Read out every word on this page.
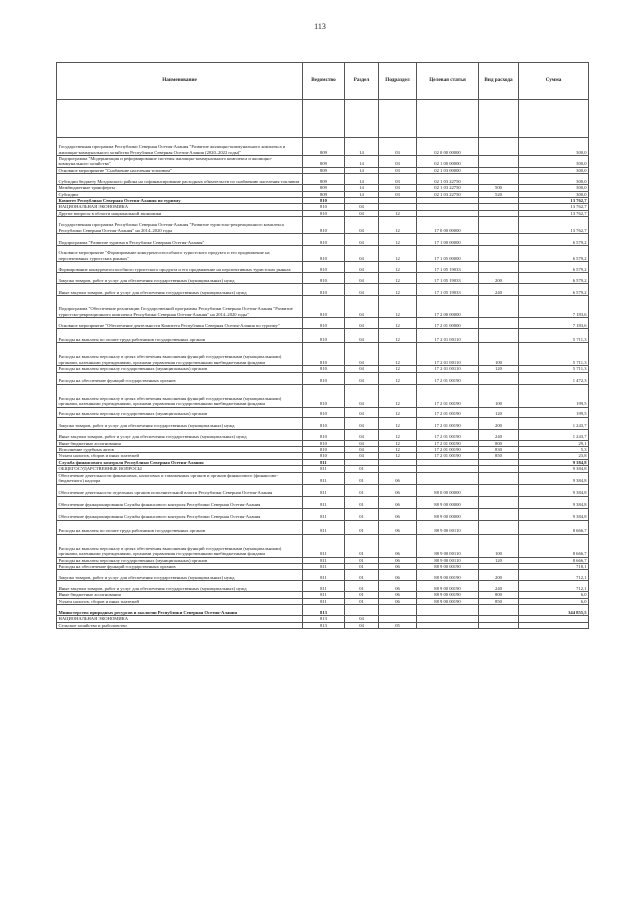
113
Наименование	Ведомство	Раздел	Подраздел	Целевая статья	Вид расхода	Сумма

Государственная программа Республики Северная Осетия-Алания "Развитие жилищно-коммунального комплекса и жилищно-коммунального хозяйства Республики Северная Осетия-Алания (2020–2022 годы)"	809	14	03	02 0 00 00000		300,0
Подпрограмма "Модернизация и реформирование системы жилищно-коммунального комплекса и жилищно-коммунального хозяйства"	809	14	03	02 1 00 00000		300,0
Основное мероприятие "Снабжение населения топливом"	809	14	03	02 1 03 00000		300,0
Субсидии бюджету Моздокского района на софинансирование расходных обязательств по снабжению населения топливом	809	14	03	02 1 03 22750		300,0
Межбюджетные трансферты	809	14	03	02 1 03 22750	500	300,0
Субсидии	809	14	03	02 1 03 22750	520	300,0
Комитет Республики Северная Осетия-Алания по туризму	810					13 762,7
НАЦИОНАЛЬНАЯ ЭКОНОМИКА	810	04				13 762,7
Другие вопросы в области национальной экономики	810	04	12			13 762,7
Государственная программа Республики Северная Осетия-Алания "Развитие туристско-рекреационного комплекса Республики Северная Осетия-Алания" на 2014–2020 годы	810	04	12	17 0 00 00000		13 762,7
Подпрограмма "Развитие туризма в Республике Северная Осетия-Алания"	810	04	12	17 1 00 00000		6 579,2
Основное мероприятие "Формирование конкурентоспособного туристского продукта и его продвижение на перспективных туристских рынках"	810	04	12	17 1 05 00000		6 579,2
Формирование конкурентоспособного туристского продукта и его продвижение на перспективных туристских рынках	810	04	12	17 1 05 19033		6 579,2
Закупка товаров, работ и услуг для обеспечения государственных (муниципальных) нужд	810	04	12	17 1 05 19033	200	6 579,2
Иные закупки товаров, работ и услуг для обеспечения государственных (муниципальных) нужд	810	04	12	17 1 05 19033	240	6 579,2
Подпрограмма "Обеспечение реализации Государственной программы Республики Северная Осетия-Алания "Развитие туристско-рекреационного комплекса Республики Северная Осетия-Алания" на 2014–2020 годы"	810	04	12	17 2 00 00000		7 183,6
Основное мероприятие "Обеспечение деятельности Комитета Республики Северная Осетия-Алания по туризму"	810	04	12	17 2 01 00000		7 183,6
Расходы на выплаты по оплате труда работников государственных органов	810	04	12	17 2 01 00110		5 711,3
Расходы на выплаты персоналу в целях обеспечения выполнения функций государственными (муниципальными) органами, казенными учреждениями, органами управления государственными внебюджетными фондами	810	04	12	17 2 01 00110	100	5 711,3
Расходы на выплаты персоналу государственных (муниципальных) органов	810	04	12	17 2 01 00110	120	5 711,3
Расходы на обеспечение функций государственных органов	810	04	12	17 2 01 00190		1 472,3
Расходы на выплаты персоналу в целях обеспечения выполнения функций государственными (муниципальными) органами, казенными учреждениями, органами управления государственными внебюджетными фондами	810	04	12	17 2 01 00190	100	199,5
Расходы на выплаты персоналу государственных (муниципальных) органов	810	04	12	17 2 01 00190	120	199,5
Закупка товаров, работ и услуг для обеспечения государственных (муниципальных) нужд	810	04	12	17 2 01 00190	200	1 243,7
Иные закупки товаров, работ и услуг для обеспечения государственных (муниципальных) нужд	810	04	12	17 2 01 00190	240	1 243,7
Иные бюджетные ассигнования	810	04	12	17 2 01 00190	800	29,1
Исполнение судебных актов	810	04	12	17 2 01 00190	830	5,3
Уплата налогов, сборов и иных платежей	810	04	12	17 2 01 00190	850	23,8
Служба финансового контроля Республики Северная Осетия-Алания	811					9 384,8
ОБЩЕГОСУДАРСТВЕННЫЕ ВОПРОСЫ	811	01				9 384,8
Обеспечение деятельности финансовых, налоговых и таможенных органов и органов финансового (финансово-бюджетного) надзора	811	01	06			9 384,8
Обеспечение деятельности отдельных органов исполнительной власти Республики Северная Осетия-Алания	811	01	06	88 0 00 00000		9 384,8
Обеспечение функционирования Службы финансового контроля Республики Северная Осетия-Алания	811	01	06	88 9 00 00000		9 384,8
Обеспечение функционирования Службы финансового контроля Республики Северная Осетия-Алания	811	01	06	88 9 00 00000		9 384,8
Расходы на выплаты по оплате труда работников государственных органов	811	01	06	88 9 00 00110		8 666,7
Расходы на выплаты персоналу в целях обеспечения выполнения функций государственными (муниципальными) органами, казенными учреждениями, органами управления государственными внебюджетными фондами	811	01	06	88 9 00 00110	100	8 666,7
Расходы на выплаты персоналу государственных (муниципальных) органов	811	01	06	88 9 00 00110	120	8 666,7
Расходы на обеспечение функций государственных органов	811	01	06	88 9 00 00190		718,1
Закупка товаров, работ и услуг для обеспечения государственных (муниципальных) нужд	811	01	06	88 9 00 00190	200	712,1
Иные закупки товаров, работ и услуг для обеспечения государственных (муниципальных) нужд	811	01	06	88 9 00 00190	240	712,1
Иные бюджетные ассигнования	811	01	06	88 9 00 00190	800	6,0
Уплата налогов, сборов и иных платежей	811	01	06	88 9 00 00190	850	6,0
Министерство природных ресурсов и экологии Республики Северная Осетия-Алания	813					344 855,5
НАЦИОНАЛЬНАЯ ЭКОНОМИКА	813	04				
Сельское хозяйство и рыболовство	813	04	05			
